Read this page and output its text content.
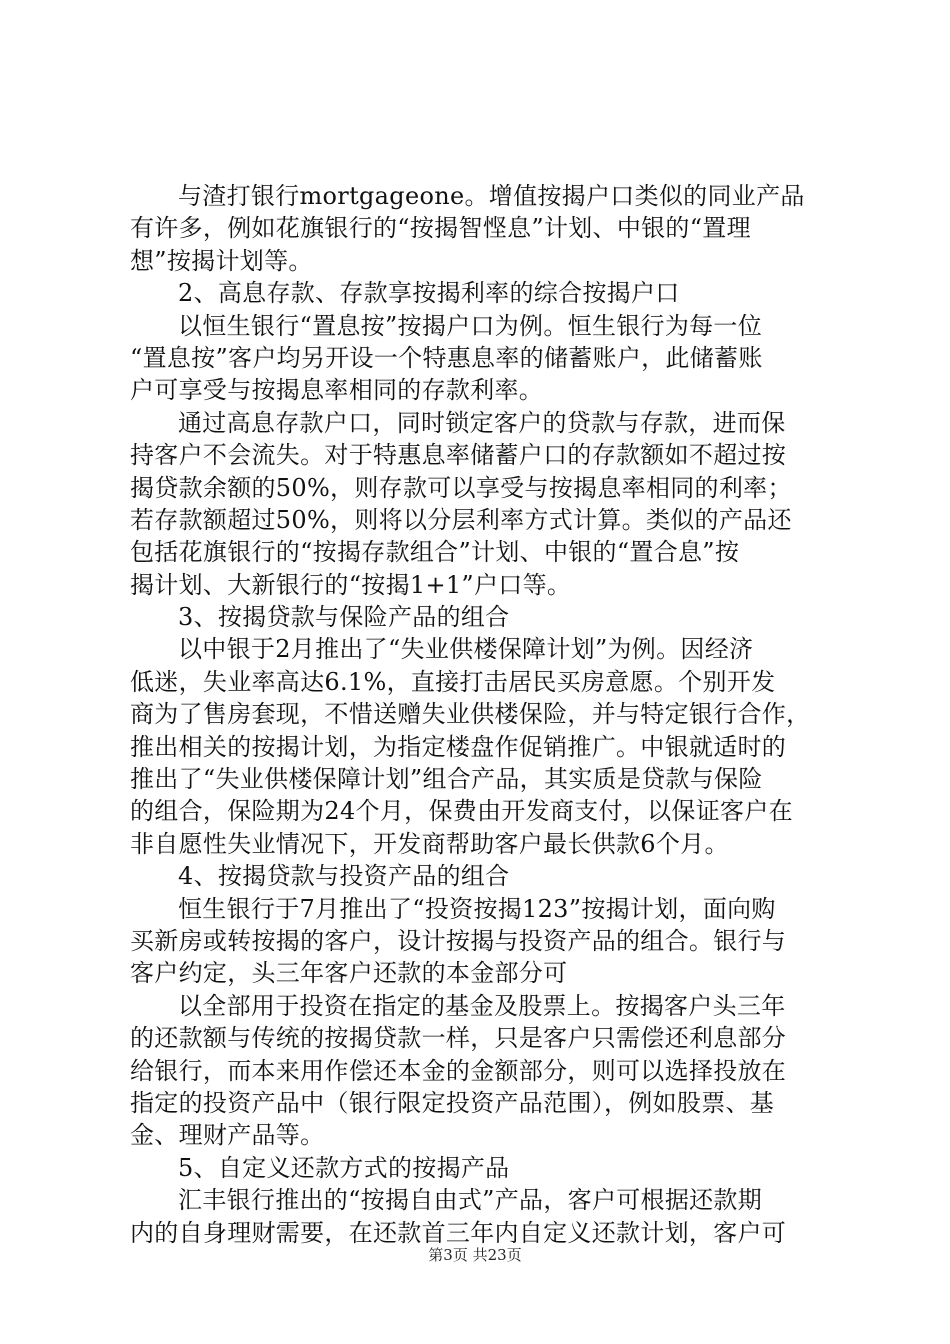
与渣打银行mortgageone。增值按揭户口类似的同业产品
有许多，例如花旗银行的“按揭智悭息”计划、中银的“置理
想”按揭计划等。
2、高息存款、存款享按揭利率的综合按揭户口
以恒生银行“置息按”按揭户口为例。恒生银行为每一位
“置息按”客户均另开设一个特惠息率的储蓄账户，此储蓄账
户可享受与按揭息率相同的存款利率。
通过高息存款户口，同时锁定客户的贷款与存款，进而保
持客户不会流失。对于特惠息率储蓄户口的存款额如不超过按
揭贷款余额的50%，则存款可以享受与按揭息率相同的利率；
若存款额超过50%，则将以分层利率方式计算。类似的产品还
包括花旗银行的“按揭存款组合”计划、中银的“置合息”按
揭计划、大新银行的“按揭1+1”户口等。
3、按揭贷款与保险产品的组合
以中银于2月推出了“失业供楼保障计划”为例。因经济
低迷，失业率高达6.1%，直接打击居民买房意愿。个别开发
商为了售房套现，不惜送赠失业供楼保险，并与特定银行合作，
推出相关的按揭计划，为指定楼盘作促销推广。中银就适时的
推出了“失业供楼保障计划”组合产品，其实质是贷款与保险
的组合，保险期为24个月，保费由开发商支付，以保证客户在
非自愿性失业情况下，开发商帮助客户最长供款6个月。
4、按揭贷款与投资产品的组合
恒生银行于7月推出了“投资按揭123”按揭计划，面向购
买新房或转按揭的客户，设计按揭与投资产品的组合。银行与
客户约定，头三年客户还款的本金部分可
以全部用于投资在指定的基金及股票上。按揭客户头三年
的还款额与传统的按揭贷款一样，只是客户只需偿还利息部分
给银行，而本来用作偿还本金的金额部分，则可以选择投放在
指定的投资产品中（银行限定投资产品范围），例如股票、基
金、理财产品等。
5、自定义还款方式的按揭产品
汇丰银行推出的“按揭自由式”产品，客户可根据还款期
内的自身理财需要，在还款首三年内自定义还款计划，客户可
第3页 共23页
